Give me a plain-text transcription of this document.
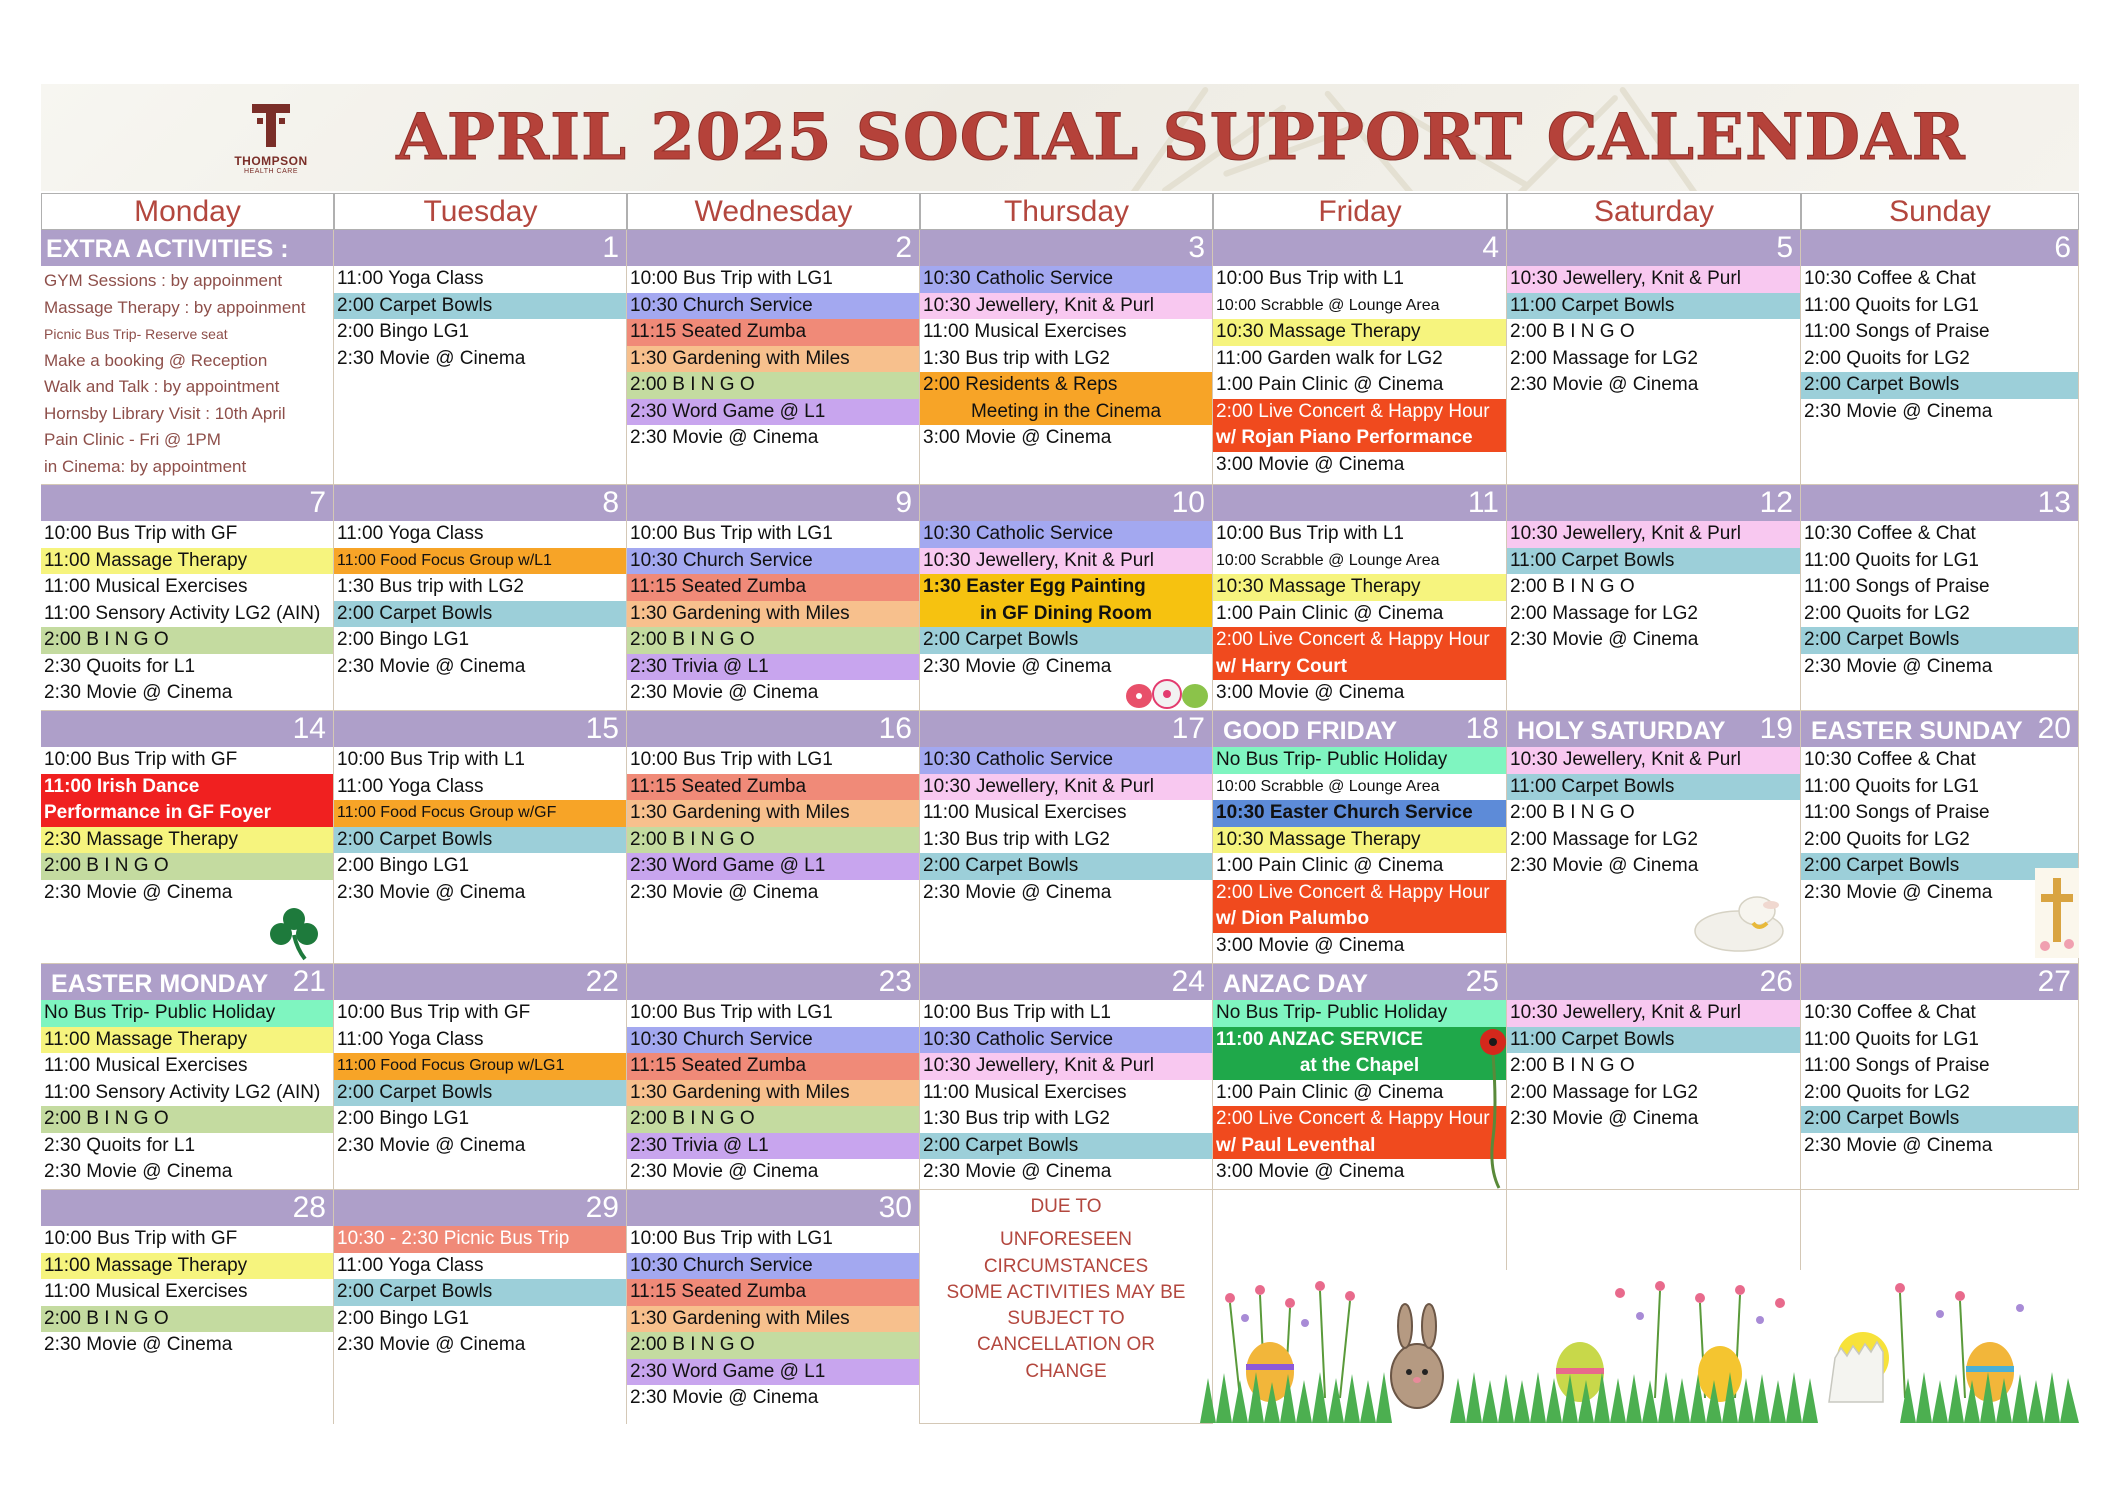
THOMPSON
HEALTH CARE	APRIL 2025 SOCIAL SUPPORT CALENDAR
Monday	Tuesday	Wednesday	Thursday	Friday	Saturday	Sunday
EXTRA ACTIVITIES :
GYM Sessions : by appoinment
Massage Therapy : by appoinment
Picnic Bus Trip- Reserve seat
Make a booking @ Reception
Walk and Talk : by appointment
Hornsby Library Visit : 10th April
Pain Clinic - Fri @ 1PM
in Cinema: by appointment
1
11:00 Yoga Class
2:00 Carpet Bowls
2:00 Bingo LG1
2:30 Movie @ Cinema
2
10:00 Bus Trip with LG1
10:30 Church Service
11:15 Seated Zumba
1:30 Gardening with Miles
2:00 B I N G O
2:30 Word Game @ L1
2:30 Movie @ Cinema
3
10:30 Catholic Service
10:30 Jewellery, Knit & Purl
11:00 Musical Exercises
1:30 Bus trip with LG2
2:00 Residents & Reps
Meeting in the Cinema
3:00 Movie @ Cinema
4
10:00 Bus Trip with L1
10:00 Scrabble @ Lounge Area
10:30 Massage Therapy
11:00 Garden walk for LG2
1:00 Pain Clinic @ Cinema
2:00 Live Concert & Happy Hour
w/ Rojan Piano Performance
3:00 Movie @ Cinema
5
10:30 Jewellery, Knit & Purl
11:00 Carpet Bowls
2:00 B I N G O
2:00 Massage for LG2
2:30 Movie @ Cinema
6
10:30 Coffee & Chat
11:00 Quoits for LG1
11:00 Songs of Praise
2:00 Quoits for LG2
2:00 Carpet Bowls
2:30 Movie @ Cinema
7
10:00 Bus Trip with GF
11:00 Massage Therapy
11:00 Musical Exercises
11:00 Sensory Activity LG2 (AIN)
2:00 B I N G O
2:30 Quoits for L1
2:30 Movie @ Cinema
8
11:00 Yoga Class
11:00 Food Focus Group w/L1
1:30 Bus trip with LG2
2:00 Carpet Bowls
2:00 Bingo LG1
2:30 Movie @ Cinema
9
10:00 Bus Trip with LG1
10:30 Church Service
11:15 Seated Zumba
1:30 Gardening with Miles
2:00 B I N G O
2:30 Trivia @ L1
2:30 Movie @ Cinema
10
10:30 Catholic Service
10:30 Jewellery, Knit & Purl
1:30 Easter Egg Painting
in GF Dining Room
2:00 Carpet Bowls
2:30 Movie @ Cinema
11
10:00 Bus Trip with L1
10:00 Scrabble @ Lounge Area
10:30 Massage Therapy
1:00 Pain Clinic @ Cinema
2:00 Live Concert & Happy Hour
w/ Harry Court
3:00 Movie @ Cinema
12
10:30 Jewellery, Knit & Purl
11:00 Carpet Bowls
2:00 B I N G O
2:00 Massage for LG2
2:30 Movie @ Cinema
13
10:30 Coffee & Chat
11:00 Quoits for LG1
11:00 Songs of Praise
2:00 Quoits for LG2
2:00 Carpet Bowls
2:30 Movie @ Cinema
14
10:00 Bus Trip with GF
11:00 Irish Dance
Performance in GF Foyer
2:30 Massage Therapy
2:00 B I N G O
2:30 Movie @ Cinema
15
10:00 Bus Trip with L1
11:00 Yoga Class
11:00 Food Focus Group w/GF
2:00 Carpet Bowls
2:00 Bingo LG1
2:30 Movie @ Cinema
16
10:00 Bus Trip with LG1
11:15 Seated Zumba
1:30 Gardening with Miles
2:00 B I N G O
2:30 Word Game @ L1
2:30 Movie @ Cinema
17
10:30 Catholic Service
10:30 Jewellery, Knit & Purl
11:00 Musical Exercises
1:30 Bus trip with LG2
2:00 Carpet Bowls
2:30 Movie @ Cinema
GOOD FRIDAY 18
No Bus Trip- Public Holiday
10:00 Scrabble @ Lounge Area
10:30 Easter Church Service
10:30 Massage Therapy
1:00 Pain Clinic @ Cinema
2:00 Live Concert & Happy Hour
w/ Dion Palumbo
3:00 Movie @ Cinema
HOLY SATURDAY 19
10:30 Jewellery, Knit & Purl
11:00 Carpet Bowls
2:00 B I N G O
2:00 Massage for LG2
2:30 Movie @ Cinema
EASTER SUNDAY 20
10:30 Coffee & Chat
11:00 Quoits for LG1
11:00 Songs of Praise
2:00 Quoits for LG2
2:00 Carpet Bowls
2:30 Movie @ Cinema
EASTER MONDAY 21
No Bus Trip- Public Holiday
11:00 Massage Therapy
11:00 Musical Exercises
11:00 Sensory Activity LG2 (AIN)
2:00 B I N G O
2:30 Quoits for L1
2:30 Movie @ Cinema
22
10:00 Bus Trip with GF
11:00 Yoga Class
11:00 Food Focus Group w/LG1
2:00 Carpet Bowls
2:00 Bingo LG1
2:30 Movie @ Cinema
23
10:00 Bus Trip with LG1
10:30 Church Service
11:15 Seated Zumba
1:30 Gardening with Miles
2:00 B I N G O
2:30 Trivia @ L1
2:30 Movie @ Cinema
24
10:00 Bus Trip with L1
10:30 Catholic Service
10:30 Jewellery, Knit & Purl
11:00 Musical Exercises
1:30 Bus trip with LG2
2:00 Carpet Bowls
2:30 Movie @ Cinema
ANZAC DAY	25
No Bus Trip- Public Holiday
11:00 ANZAC SERVICE
at the Chapel
1:00 Pain Clinic @ Cinema
2:00 Live Concert & Happy Hour
w/ Paul Leventhal
3:00 Movie @ Cinema
26
10:30 Jewellery, Knit & Purl
11:00 Carpet Bowls
2:00 B I N G O
2:00 Massage for LG2
2:30 Movie @ Cinema
27
10:30 Coffee & Chat
11:00 Quoits for LG1
11:00 Songs of Praise
2:00 Quoits for LG2
2:00 Carpet Bowls
2:30 Movie @ Cinema
28
10:00 Bus Trip with GF
11:00 Massage Therapy
11:00 Musical Exercises
2:00 B I N G O
2:30 Movie @ Cinema
29
10:30 - 2:30 Picnic Bus Trip
11:00 Yoga Class
2:00 Carpet Bowls
2:00 Bingo LG1
2:30 Movie @ Cinema
30
10:00 Bus Trip with LG1
10:30 Church Service
11:15 Seated Zumba
1:30 Gardening with Miles
2:00 B I N G O
2:30 Word Game @ L1
2:30 Movie @ Cinema
DUE TO
UNFORESEEN
CIRCUMSTANCES
SOME ACTIVITIES MAY BE
SUBJECT TO
CANCELLATION OR
CHANGE
